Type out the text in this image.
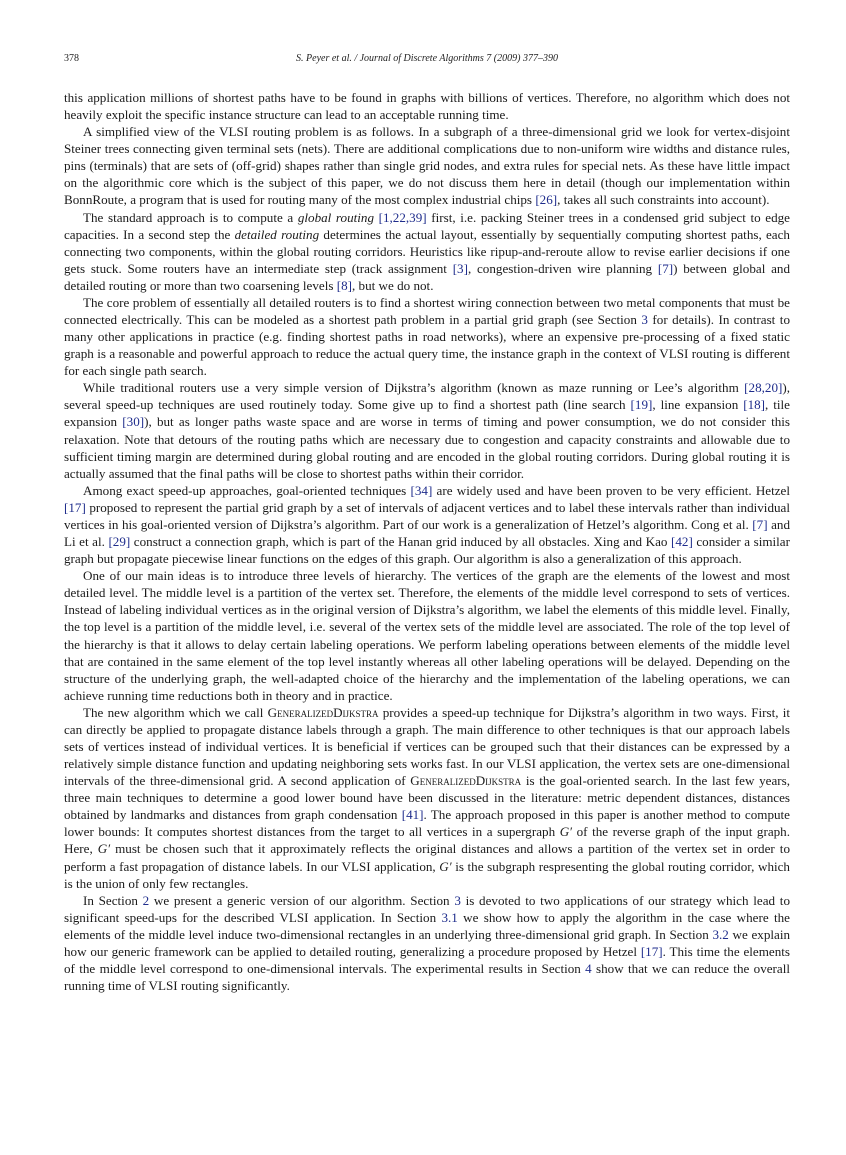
378	S. Peyer et al. / Journal of Discrete Algorithms 7 (2009) 377–390

this application millions of shortest paths have to be found in graphs with billions of vertices. Therefore, no algorithm which does not heavily exploit the specific instance structure can lead to an acceptable running time.

A simplified view of the VLSI routing problem is as follows. In a subgraph of a three-dimensional grid we look for vertex-disjoint Steiner trees connecting given terminal sets (nets). There are additional complications due to non-uniform wire widths and distance rules, pins (terminals) that are sets of (off-grid) shapes rather than single grid nodes, and extra rules for special nets. As these have little impact on the algorithmic core which is the subject of this paper, we do not discuss them here in detail (though our implementation within BonnRoute, a program that is used for routing many of the most complex industrial chips [26], takes all such constraints into account).

The standard approach is to compute a global routing [1,22,39] first, i.e. packing Steiner trees in a condensed grid subject to edge capacities. In a second step the detailed routing determines the actual layout, essentially by sequentially computing shortest paths, each connecting two components, within the global routing corridors. Heuristics like ripup-and-reroute allow to revise earlier decisions if one gets stuck. Some routers have an intermediate step (track assignment [3], congestion-driven wire planning [7]) between global and detailed routing or more than two coarsening levels [8], but we do not.

The core problem of essentially all detailed routers is to find a shortest wiring connection between two metal components that must be connected electrically. This can be modeled as a shortest path problem in a partial grid graph (see Section 3 for details). In contrast to many other applications in practice (e.g. finding shortest paths in road networks), where an expensive pre-processing of a fixed static graph is a reasonable and powerful approach to reduce the actual query time, the instance graph in the context of VLSI routing is different for each single path search.

While traditional routers use a very simple version of Dijkstra’s algorithm (known as maze running or Lee’s algorithm [28,20]), several speed-up techniques are used routinely today. Some give up to find a shortest path (line search [19], line expansion [18], tile expansion [30]), but as longer paths waste space and are worse in terms of timing and power consumption, we do not consider this relaxation. Note that detours of the routing paths which are necessary due to congestion and capacity constraints and allowable due to sufficient timing margin are determined during global routing and are encoded in the global routing corridors. During global routing it is actually assumed that the final paths will be close to shortest paths within their corridor.

Among exact speed-up approaches, goal-oriented techniques [34] are widely used and have been proven to be very efficient. Hetzel [17] proposed to represent the partial grid graph by a set of intervals of adjacent vertices and to label these intervals rather than individual vertices in his goal-oriented version of Dijkstra’s algorithm. Part of our work is a generalization of Hetzel’s algorithm. Cong et al. [7] and Li et al. [29] construct a connection graph, which is part of the Hanan grid induced by all obstacles. Xing and Kao [42] consider a similar graph but propagate piecewise linear functions on the edges of this graph. Our algorithm is also a generalization of this approach.

One of our main ideas is to introduce three levels of hierarchy. The vertices of the graph are the elements of the lowest and most detailed level. The middle level is a partition of the vertex set. Therefore, the elements of the middle level correspond to sets of vertices. Instead of labeling individual vertices as in the original version of Dijkstra’s algorithm, we label the elements of this middle level. Finally, the top level is a partition of the middle level, i.e. several of the vertex sets of the middle level are associated. The role of the top level of the hierarchy is that it allows to delay certain labeling operations. We perform labeling operations between elements of the middle level that are contained in the same element of the top level instantly whereas all other labeling operations will be delayed. Depending on the structure of the underlying graph, the well-adapted choice of the hierarchy and the implementation of the labeling operations, we can achieve running time reductions both in theory and in practice.

The new algorithm which we call GeneralizedDijkstra provides a speed-up technique for Dijkstra’s algorithm in two ways. First, it can directly be applied to propagate distance labels through a graph. The main difference to other techniques is that our approach labels sets of vertices instead of individual vertices. It is beneficial if vertices can be grouped such that their distances can be expressed by a relatively simple distance function and updating neighboring sets works fast. In our VLSI application, the vertex sets are one-dimensional intervals of the three-dimensional grid. A second application of GeneralizedDijkstra is the goal-oriented search. In the last few years, three main techniques to determine a good lower bound have been discussed in the literature: metric dependent distances, distances obtained by landmarks and distances from graph condensation [41]. The approach proposed in this paper is another method to compute lower bounds: It computes shortest distances from the target to all vertices in a supergraph G′ of the reverse graph of the input graph. Here, G′ must be chosen such that it approximately reflects the original distances and allows a partition of the vertex set in order to perform a fast propagation of distance labels. In our VLSI application, G′ is the subgraph respresenting the global routing corridor, which is the union of only few rectangles.

In Section 2 we present a generic version of our algorithm. Section 3 is devoted to two applications of our strategy which lead to significant speed-ups for the described VLSI application. In Section 3.1 we show how to apply the algorithm in the case where the elements of the middle level induce two-dimensional rectangles in an underlying three-dimensional grid graph. In Section 3.2 we explain how our generic framework can be applied to detailed routing, generalizing a procedure proposed by Hetzel [17]. This time the elements of the middle level correspond to one-dimensional intervals. The experimental results in Section 4 show that we can reduce the overall running time of VLSI routing significantly.
